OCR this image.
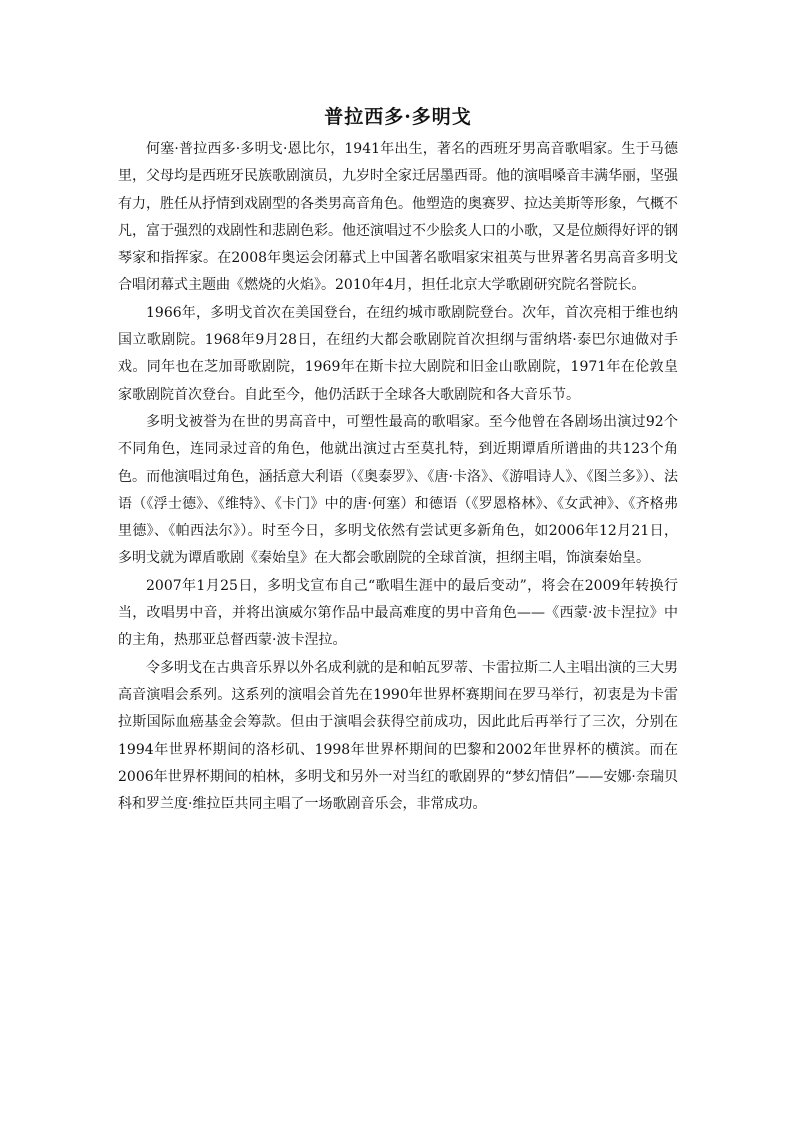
普拉西多·多明戈

何塞·普拉西多·多明戈·恩比尔，1941年出生，著名的西班牙男高音歌唱家。生于马德里，父母均是西班牙民族歌剧演员，九岁时全家迁居墨西哥。他的演唱嗓音丰满华丽，坚强有力，胜任从抒情到戏剧型的各类男高音角色。他塑造的奥赛罗、拉达美斯等形象，气概不凡，富于强烈的戏剧性和悲剧色彩。他还演唱过不少脍炙人口的小歌，又是位颇得好评的钢琴家和指挥家。在2008年奥运会闭幕式上中国著名歌唱家宋祖英与世界著名男高音多明戈合唱闭幕式主题曲《燃烧的火焰》。2010年4月，担任北京大学歌剧研究院名誉院长。

1966年，多明戈首次在美国登台，在纽约城市歌剧院登台。次年，首次亮相于维也纳国立歌剧院。1968年9月28日，在纽约大都会歌剧院首次担纲与雷纳塔·泰巴尔迪做对手戏。同年也在芝加哥歌剧院，1969年在斯卡拉大剧院和旧金山歌剧院，1971年在伦敦皇家歌剧院首次登台。自此至今，他仍活跃于全球各大歌剧院和各大音乐节。

多明戈被誉为在世的男高音中，可塑性最高的歌唱家。至今他曾在各剧场出演过92个不同角色，连同录过音的角色，他就出演过古至莫扎特，到近期谭盾所谱曲的共123个角色。而他演唱过角色，涵括意大利语（《奥泰罗》、《唐·卡洛》、《游唱诗人》、《图兰多》）、法语（《浮士德》、《维特》、《卡门》中的唐·何塞）和德语（《罗恩格林》、《女武神》、《齐格弗里德》、《帕西法尔》）。时至今日，多明戈依然有尝试更多新角色，如2006年12月21日，多明戈就为谭盾歌剧《秦始皇》在大都会歌剧院的全球首演，担纲主唱，饰演秦始皇。

2007年1月25日，多明戈宣布自己“歌唱生涯中的最后变动”，将会在2009年转换行当，改唱男中音，并将出演威尔第作品中最高难度的男中音角色——《西蒙·波卡涅拉》中的主角，热那亚总督西蒙·波卡涅拉。

令多明戈在古典音乐界以外名成利就的是和帕瓦罗蒂、卡雷拉斯二人主唱出演的三大男高音演唱会系列。这系列的演唱会首先在1990年世界杯赛期间在罗马举行，初衷是为卡雷拉斯国际血癌基金会筹款。但由于演唱会获得空前成功，因此此后再举行了三次，分别在1994年世界杯期间的洛杉矶、1998年世界杯期间的巴黎和2002年世界杯的横滨。而在2006年世界杯期间的柏林，多明戈和另外一对当红的歌剧界的“梦幻情侣”——安娜·奈瑞贝科和罗兰度·维拉臣共同主唱了一场歌剧音乐会，非常成功。
